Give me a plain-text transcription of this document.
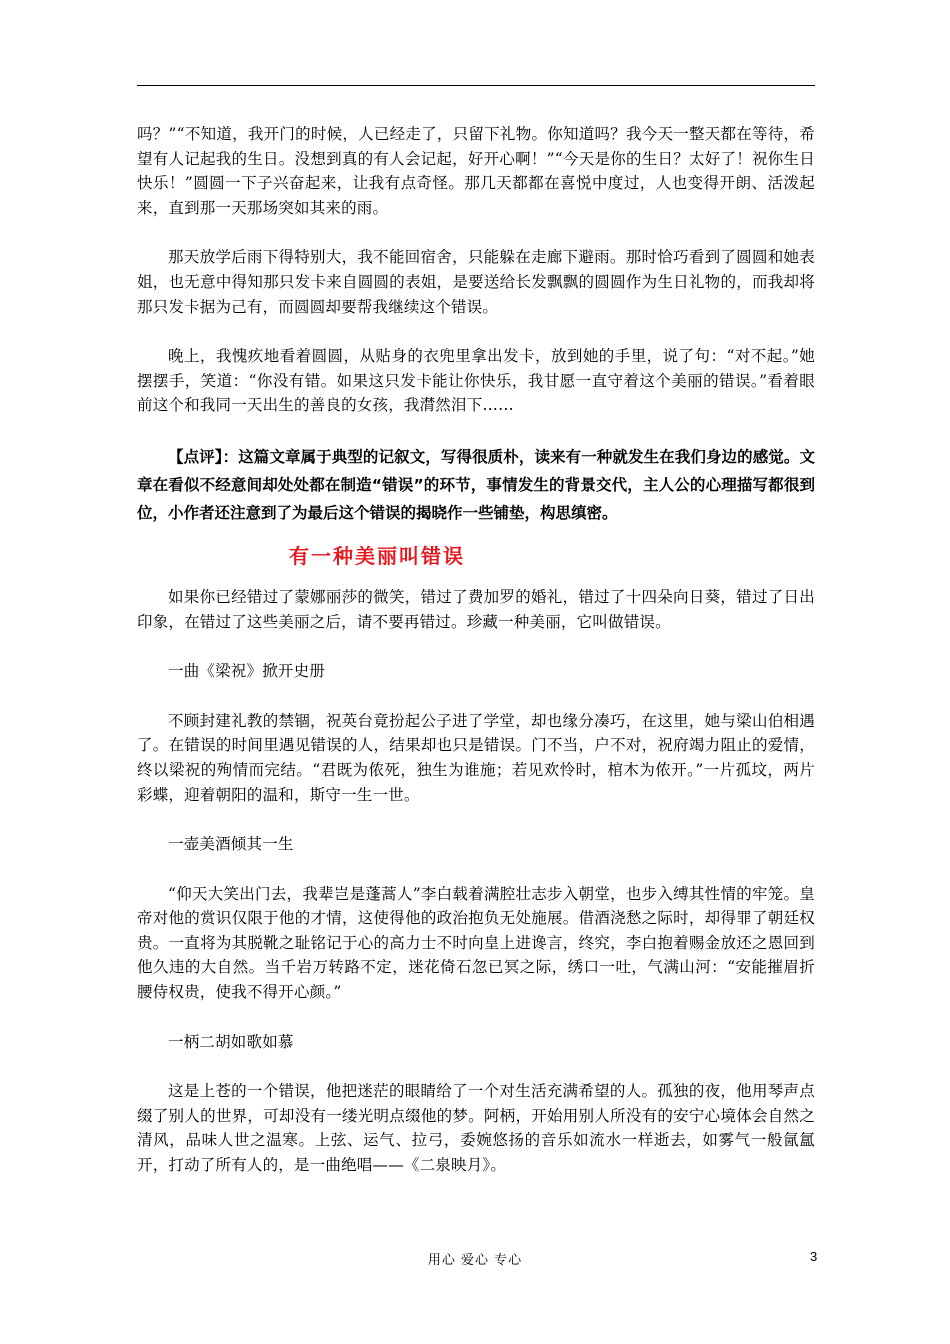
吗？”“不知道，我开门的时候，人已经走了，只留下礼物。你知道吗？我今天一整天都在等待，希望有人记起我的生日。没想到真的有人会记起，好开心啊！”“今天是你的生日？太好了！祝你生日快乐！”圆圆一下子兴奋起来，让我有点奇怪。那几天都都在喜悦中度过，人也变得开朗、活泼起来，直到那一天那场突如其来的雨。

那天放学后雨下得特别大，我不能回宿舍，只能躲在走廊下避雨。那时恰巧看到了圆圆和她表姐，也无意中得知那只发卡来自圆圆的表姐，是要送给长发飘飘的圆圆作为生日礼物的，而我却将那只发卡据为己有，而圆圆却要帮我继续这个错误。

晚上，我愧疚地看着圆圆，从贴身的衣兜里拿出发卡，放到她的手里，说了句：“对不起。”她摆摆手，笑道：“你没有错。如果这只发卡能让你快乐，我甘愿一直守着这个美丽的错误。”看着眼前这个和我同一天出生的善良的女孩，我潸然泪下……

【点评】：这篇文章属于典型的记叙文，写得很质朴，读来有一种就发生在我们身边的感觉。文章在看似不经意间却处处都在制造“错误”的环节，事情发生的背景交代，主人公的心理描写都很到位，小作者还注意到了为最后这个错误的揭晓作一些铺垫，构思缜密。

有一种美丽叫错误

如果你已经错过了蒙娜丽莎的微笑，错过了费加罗的婚礼，错过了十四朵向日葵，错过了日出印象，在错过了这些美丽之后，请不要再错过。珍藏一种美丽，它叫做错误。

一曲《梁祝》掀开史册

不顾封建礼教的禁锢，祝英台竟扮起公子进了学堂，却也缘分凑巧，在这里，她与梁山伯相遇了。在错误的时间里遇见错误的人，结果却也只是错误。门不当，户不对，祝府竭力阻止的爱情，终以梁祝的殉情而完结。“君既为侬死，独生为谁施；若见欢怜时，棺木为侬开。”一片孤坟，两片彩蝶，迎着朝阳的温和，斯守一生一世。

一壶美酒倾其一生

“仰天大笑出门去，我辈岂是蓬蒿人”李白载着满腔壮志步入朝堂，也步入缚其性情的牢笼。皇帝对他的赏识仅限于他的才情，这使得他的政治抱负无处施展。借酒浇愁之际时，却得罪了朝廷权贵。一直将为其脱靴之耻铭记于心的高力士不时向皇上进谗言，终究，李白抱着赐金放还之恩回到他久违的大自然。当千岩万转路不定，迷花倚石忽已冥之际，绣口一吐，气满山河：“安能摧眉折腰侍权贵，使我不得开心颜。”

一柄二胡如歌如慕

这是上苍的一个错误，他把迷茫的眼睛给了一个对生活充满希望的人。孤独的夜，他用琴声点缀了别人的世界，可却没有一缕光明点缀他的梦。阿柄，开始用别人所没有的安宁心境体会自然之清风，品味人世之温寒。上弦、运气、拉弓，委婉悠扬的音乐如流水一样逝去，如雾气一般氤氲开，打动了所有人的，是一曲绝唱——《二泉映月》。

用心 爱心 专心	3
